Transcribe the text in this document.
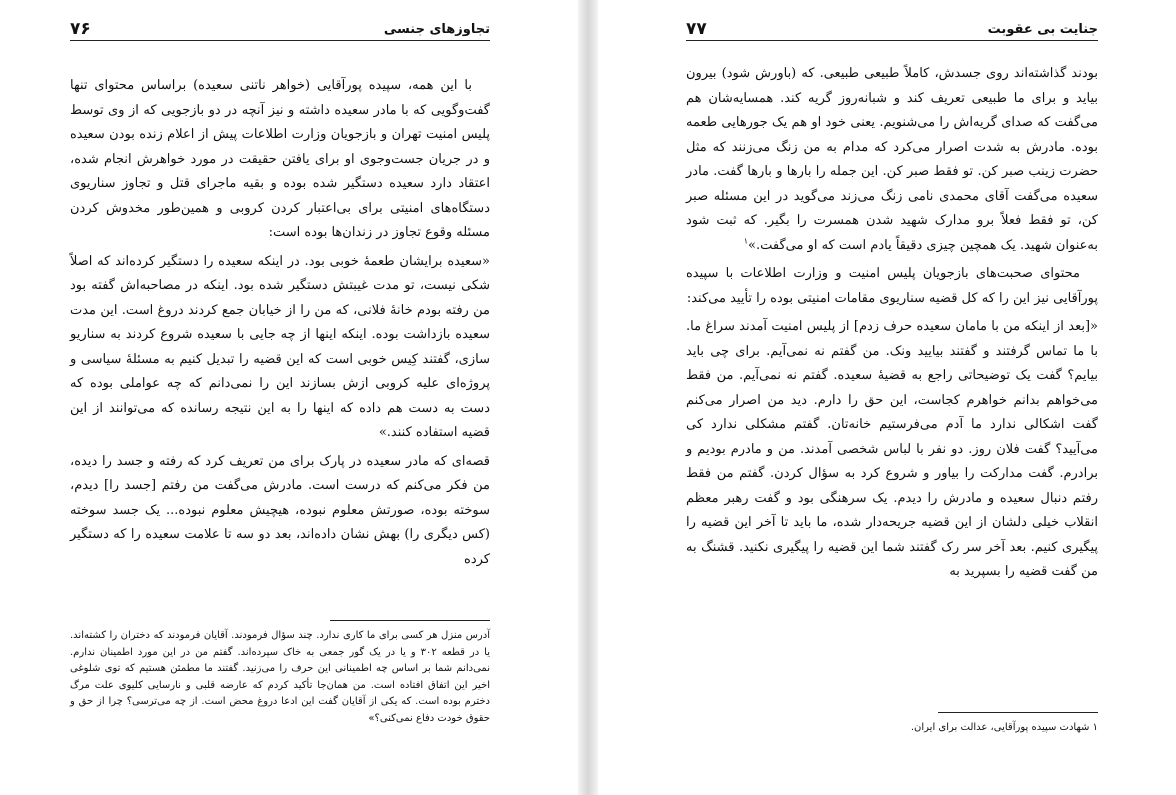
تجاوزهای جنسی
۷۶

با این همه، سپیده پورآقایی (خواهر ناتنی سعیده) براساس محتوای تنها گفت‌وگویی که با مادر سعیده داشته و نیز آنچه در دو بازجویی که از وی توسط پلیس امنیت تهران و بازجویان وزارت اطلاعات پیش از اعلام زنده بودن سعیده و در جریان جست‌وجوی او برای یافتن حقیقت در مورد خواهرش انجام شده، اعتقاد دارد سعیده دستگیر شده بوده و بقیه ماجرای قتل و تجاوز سناریوی دستگاه‌های امنیتی برای بی‌اعتبار کردن کروبی و همین‌طور مخدوش کردن مسئله وقوع تجاوز در زندان‌ها بوده است:

«سعیده برایشان طعمهٔ خوبی بود. در اینکه سعیده را دستگیر کرده‌اند که اصلاً شکی نیست، تو مدت غیبتش دستگیر شده بود. اینکه در مصاحبه‌اش گفته بود من رفته بودم خانهٔ فلانی، که من را از خیابان جمع کردند دروغ است. این مدت سعیده بازداشت بوده. اینکه اینها از چه جایی با سعیده شروع کردند به سناریو سازی، گفتند کِیس خوبی است که این قضیه را تبدیل کنیم به مسئلهٔ سیاسی و پروژه‌ای علیه کروبی ازش بسازند این را نمی‌دانم که چه عواملی بوده که دست به دست هم داده که اینها را به این نتیجه رسانده که می‌توانند از این قضیه استفاده کنند.»

قصه‌ای که مادر سعیده در پارک برای من تعریف کرد که رفته و جسد را دیده، من فکر می‌کنم که درست است. مادرش می‌گفت من رفتم [جسد را] دیدم، سوخته بوده، صورتش معلوم نبوده، هیچیش معلوم نبوده... یک جسد سوخته (کس دیگری را) بهش نشان داده‌اند، بعد دو سه تا علامت سعیده را که دستگیر کرده

آدرس منزل هر کسی برای ما کاری ندارد. چند سؤال فرمودند. آقایان فرمودند که دختران را کشته‌اند. یا در قطعه ۳۰۲ و یا در یک گور جمعی به خاک سپرده‌اند. گفتم من در این مورد اطمینان ندارم. نمی‌دانم شما بر اساس چه اطمینانی این حرف را می‌زنید. گفتند ما مطمئن هستیم که توی شلوغی اخیر این اتفاق افتاده است. من همان‌جا تأکید کردم که عارضه قلبی و نارسایی کلیوی علت مرگ دخترم بوده است. که یکی از آقایان گفت این ادعا دروغ محض است. از چه می‌ترسی؟ چرا از حق و حقوق خودت دفاع نمی‌کنی؟»
جنایت بی عقوبت
۷۷

بودند گذاشته‌اند روی جسدش، کاملاً طبیعی طبیعی. که (باورش شود) بیرون بیاید و برای ما طبیعی تعریف کند و شبانه‌روز گریه کند. همسایه‌شان هم می‌گفت که صدای گریه‌اش را می‌شنویم. یعنی خود او هم یک جورهایی طعمه بوده. مادرش به شدت اصرار می‌کرد که مدام به من زنگ می‌زنند که مثل حضرت زینب صبر کن. تو فقط صبر کن. این جمله را بارها و بارها گفت. مادر سعیده می‌گفت آقای محمدی نامی زنگ می‌زند می‌گوید در این مسئله صبر کن، تو فقط فعلاً برو مدارک شهید شدن همسرت را بگیر. که ثبت شود به‌عنوان شهید. یک همچین چیزی دقیقاً یادم است که او می‌گفت.»$^۱$

محتوای صحبت‌های بازجویان پلیس امنیت و وزارت اطلاعات با سپیده پورآقایی نیز این را که کل قضیه سناریوی مقامات امنیتی بوده را تأیید می‌کند:

«[بعد از اینکه من با مامان سعیده حرف زدم] از پلیس امنیت آمدند سراغ ما. با ما تماس گرفتند و گفتند بیایید ونک. من گفتم نه نمی‌آیم. برای چی باید بیایم؟ گفت یک توضیحاتی راجع به قضیهٔ سعیده. گفتم نه نمی‌آیم. من فقط می‌خواهم بدانم خواهرم کجاست، این حق را دارم. دید من اصرار می‌کنم گفت اشکالی ندارد ما آدم می‌فرستیم خانه‌تان. گفتم مشکلی ندارد کی می‌آیید؟ گفت فلان روز. دو نفر با لباس شخصی آمدند. من و مادرم بودیم و برادرم. گفت مدارکت را بیاور و شروع کرد به سؤال کردن. گفتم من فقط رفتم دنبال سعیده و مادرش را دیدم. یک سرهنگی بود و گفت رهبر معظم انقلاب خیلی دلشان از این قضیه جریحه‌دار شده، ما باید تا آخر این قضیه را پیگیری کنیم. بعد آخر سر رک گفتند شما این قضیه را پیگیری نکنید. قشنگ به من گفت قضیه را بسپرید به

۱ شهادت سپیده پورآقایی، عدالت برای ایران.
